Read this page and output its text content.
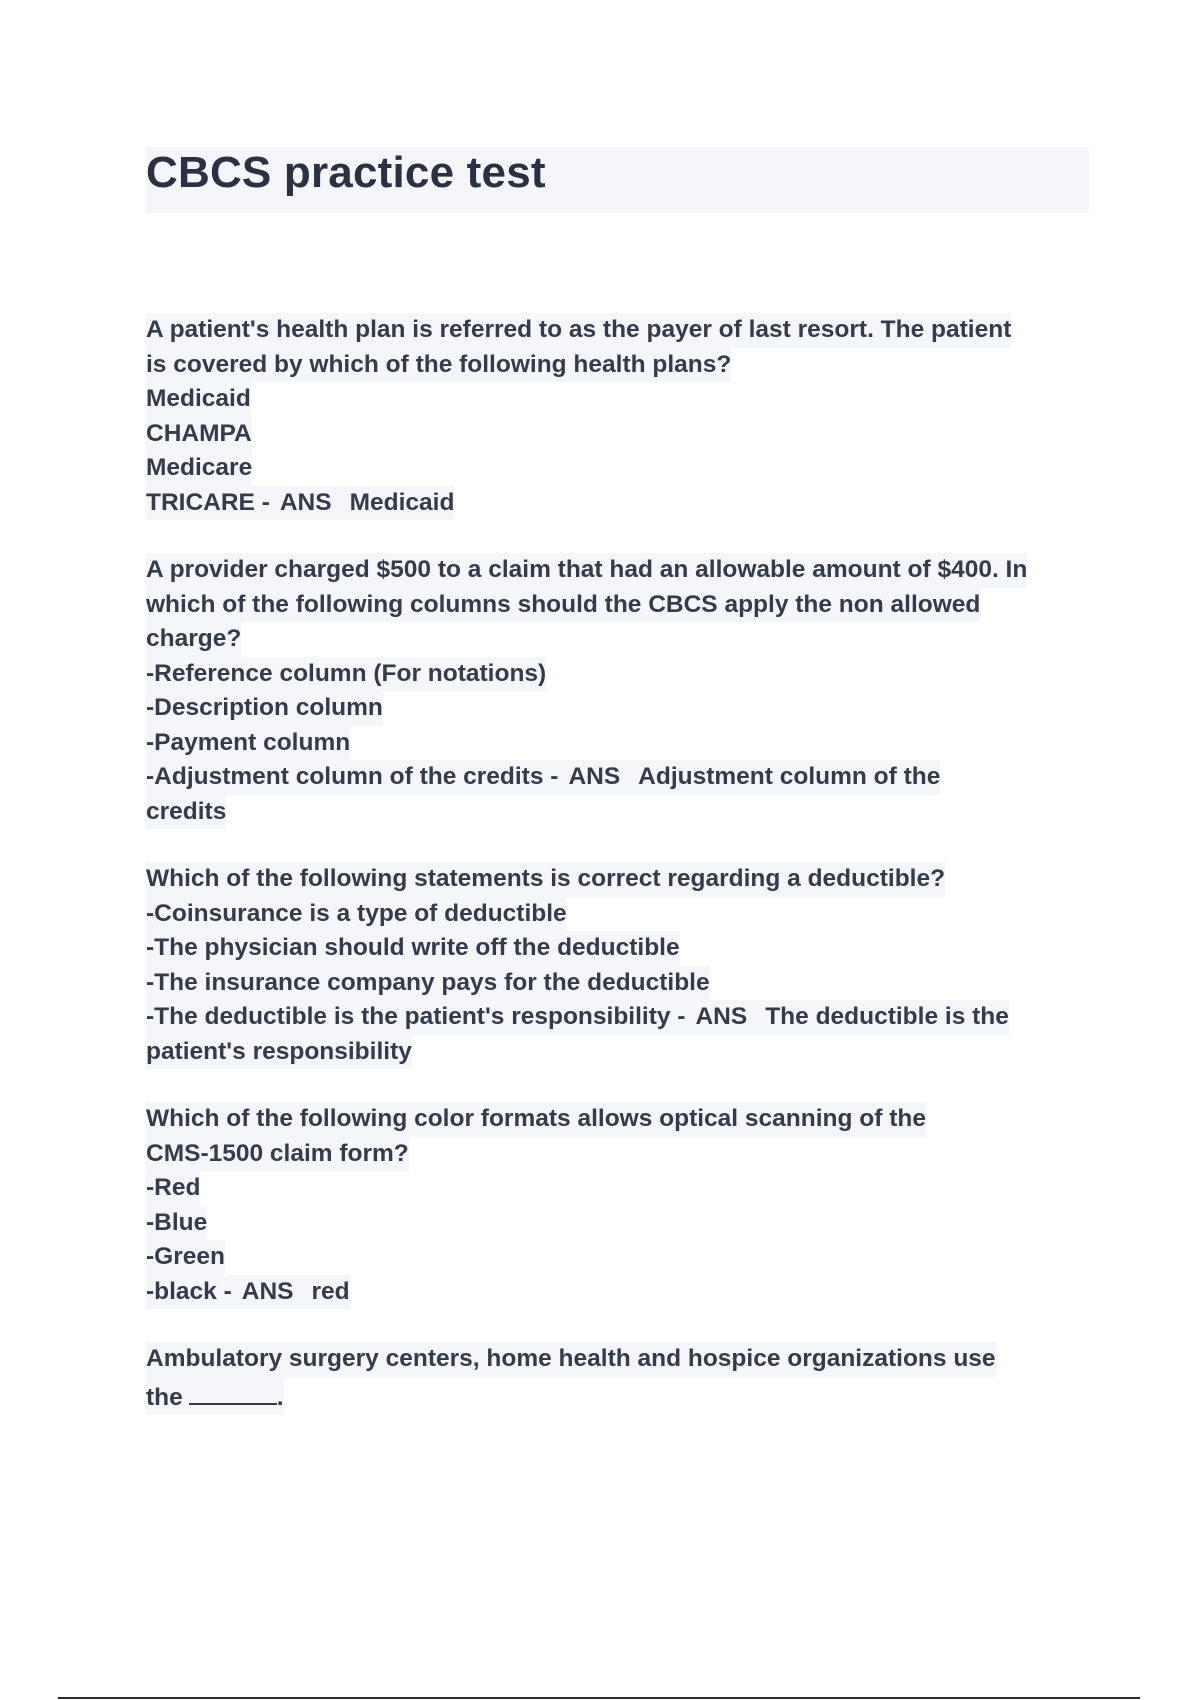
CBCS practice test
A patient's health plan is referred to as the payer of last resort. The patient
is covered by which of the following health plans?
Medicaid
CHAMPA
Medicare
TRICARE - ANS Medicaid
A provider charged $500 to a claim that had an allowable amount of $400. In
which of the following columns should the CBCS apply the non allowed
charge?
-Reference column (For notations)
-Description column
-Payment column
-Adjustment column of the credits - ANS Adjustment column of the
credits
Which of the following statements is correct regarding a deductible?
-Coinsurance is a type of deductible
-The physician should write off the deductible
-The insurance company pays for the deductible
-The deductible is the patient's responsibility - ANS The deductible is the
patient's responsibility
Which of the following color formats allows optical scanning of the
CMS-1500 claim form?
-Red
-Blue
-Green
-black - ANS red
Ambulatory surgery centers, home health and hospice organizations use
the	.
